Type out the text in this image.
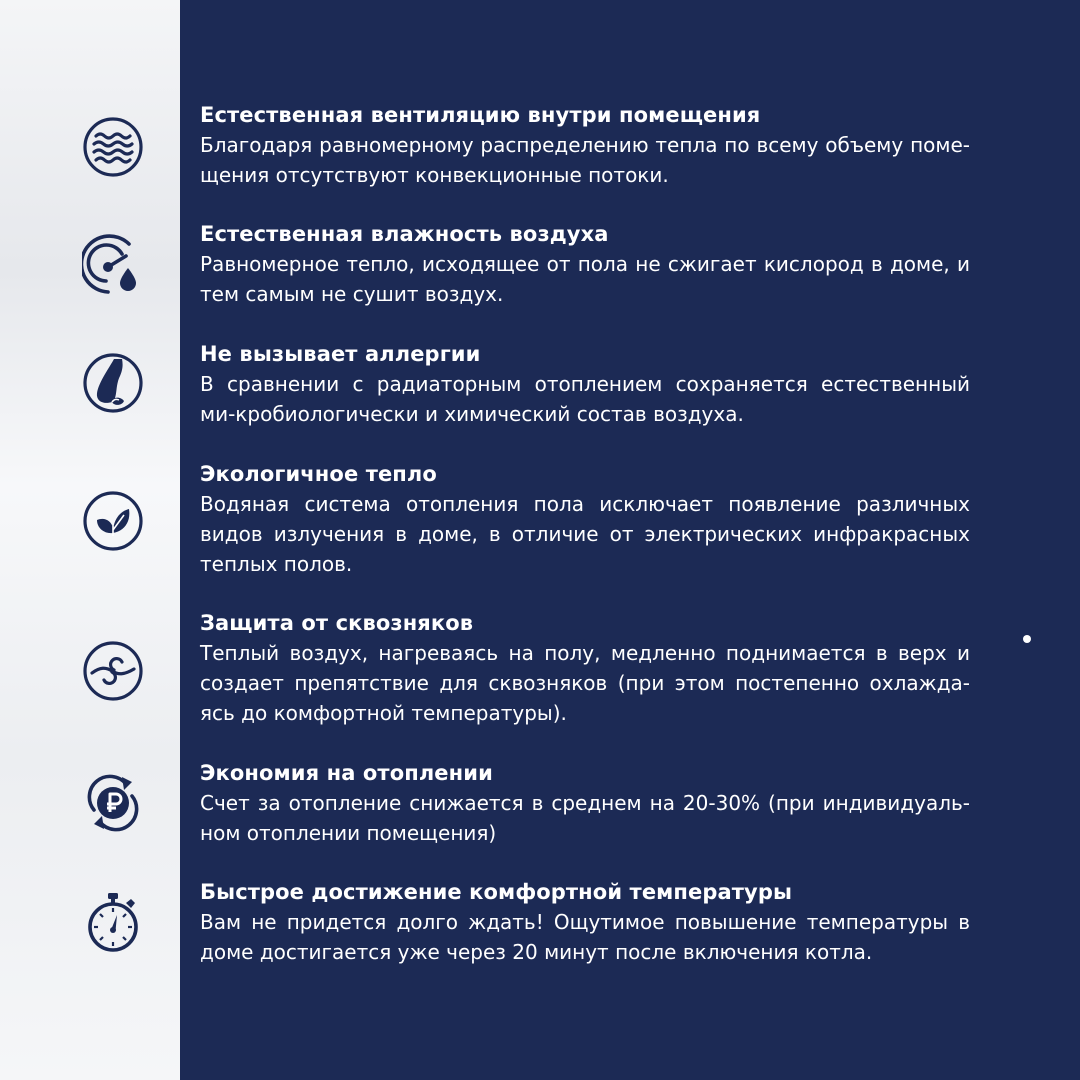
Естественная вентиляцию внутри помещения

Благодаря равномерному распределению тепла по всему объему поме-щения отсутствуют конвекционные потоки.

Естественная влажность воздуха

Равномерное тепло, исходящее от пола не сжигает кислород в доме, и тем самым не сушит воздух.

Не вызывает аллергии

В сравнении с радиаторным отоплением сохраняется естественный ми-кробиологически и химический состав воздуха.

Экологичное тепло

Водяная система отопления пола исключает появление различных видов излучения в доме, в отличие от электрических инфракрасных теплых полов.

Защита от сквозняков

Теплый воздух, нагреваясь на полу, медленно поднимается в верх и создает препятствие для сквозняков (при этом постепенно охлажда-ясь до комфортной температуры).

Экономия на отоплении

Счет за отопление снижается в среднем на 20-30% (при индивидуаль-ном отоплении помещения)

Быстрое достижение комфортной температуры

Вам не придется долго ждать! Ощутимое повышение температуры в доме достигается уже через 20 минут после включения котла.
